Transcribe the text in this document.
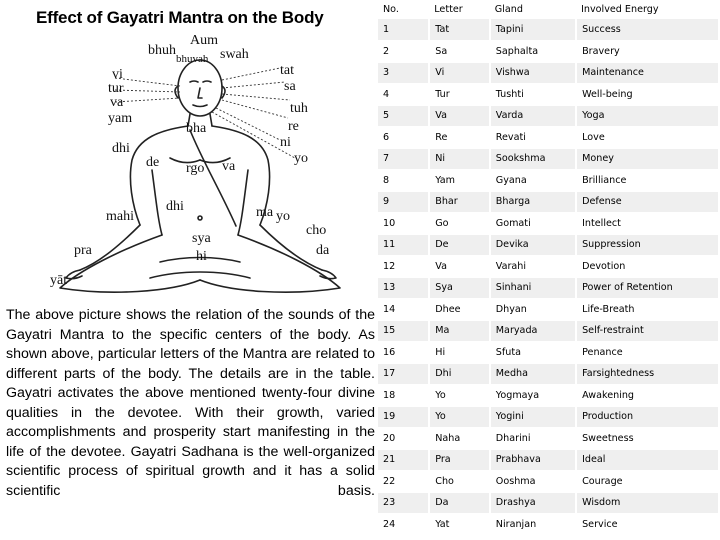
Effect of Gayatri Mantra on the Body
Aum
bhuh	swah
bhuvah
vi
tur
va
tat
sa
tuh
yam
re
ni
dhi
bha
yo
de rgo va
dhi
mahi	ma yo
sya
hi
pra	da
cho
yāt

The above picture shows the relation of the sounds of the Gayatri Mantra to the specific centers of the body. As shown above, particular letters of the Mantra are related to different parts of the body. The details are in the table. Gayatri activates the above mentioned twenty-four divine qualities in the devotee. With their growth, varied accomplishments and prosperity start manifesting in the life of the devotee. Gayatri Sadhana is the well-organized scientific process of spiritual growth and it has a solid scientific basis.

No.	Letter	Gland	Involved Energy
1	Tat	Tapini	Success
2	Sa	Saphalta	Bravery
3	Vi	Vishwa	Maintenance
4	Tur	Tushti	Well-being
5	Va	Varda	Yoga
6	Re	Revati	Love
7	Ni	Sookshma	Money
8	Yam	Gyana	Brilliance
9	Bhar	Bharga	Defense
10	Go	Gomati	Intellect
11	De	Devika	Suppression
12	Va	Varahi	Devotion
13	Sya	Sinhani	Power of Retention
14	Dhee	Dhyan	Life-Breath
15	Ma	Maryada	Self-restraint
16	Hi	Sfuta	Penance
17	Dhi	Medha	Farsightedness
18	Yo	Yogmaya	Awakening
19	Yo	Yogini	Production
20	Naha	Dharini	Sweetness
21	Pra	Prabhava	Ideal
22	Cho	Ooshma	Courage
23	Da	Drashya	Wisdom
24	Yat	Niranjan	Service
